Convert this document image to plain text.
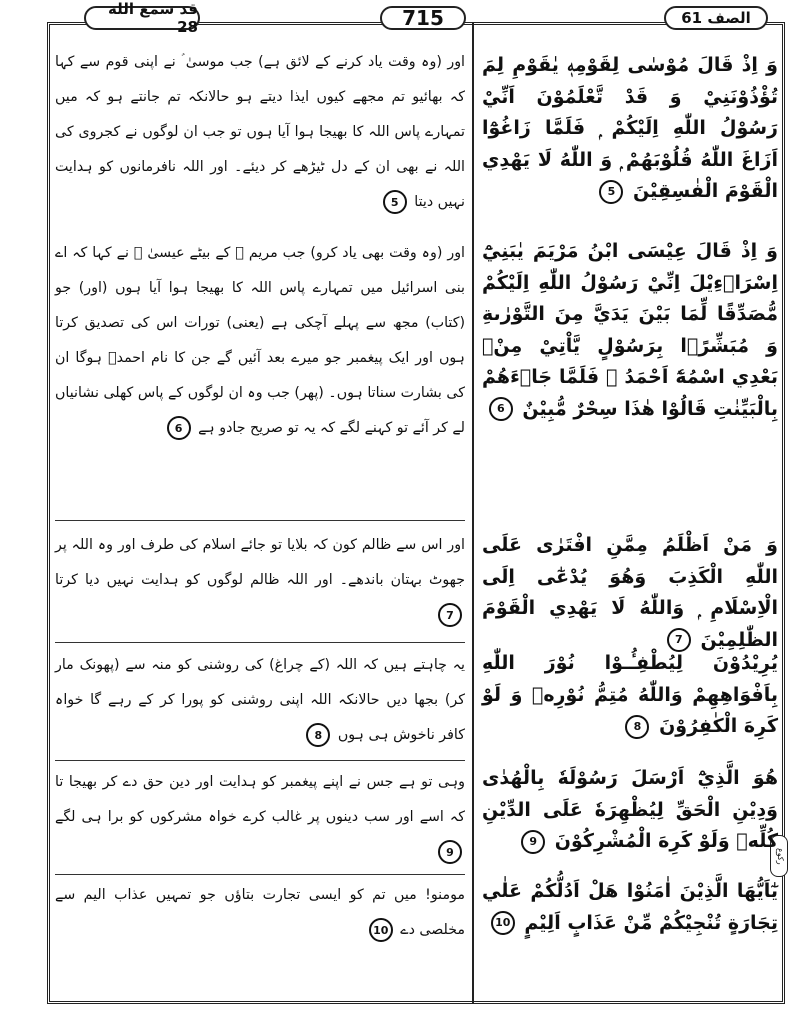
الصف 61
715
قد سمع الله 28
ركوع
وَ اِذْ قَالَ مُوْسٰى لِقَوْمِهٖ يٰقَوْمِ لِمَ تُؤْذُوْنَنِيْ وَ قَدْ تَّعْلَمُوْنَ اَنِّيْ رَسُوْلُ اللّٰهِ اِلَيْكُمْ ۭ فَلَمَّا زَاغُوْٓا اَزَاغَ اللّٰهُ قُلُوْبَهُمْ ۭ وَ اللّٰهُ لَا يَهْدِي الْقَوْمَ الْفٰسِقِيْنَ 5
اور (وہ وقت یاد کرنے کے لائق ہے) جب موسیٰ ؑ نے اپنی قوم سے کہا کہ بھائیو تم مجھے کیوں ایذا دیتے ہو حالانکہ تم جانتے ہو کہ میں تمہارے پاس اللہ کا بھیجا ہوا آیا ہوں تو جب ان لوگوں نے کجروی کی اللہ نے بھی ان کے دل ٹیڑھے کر دیئے۔ اور اللہ نافرمانوں کو ہدایت نہیں دیتا 5
وَ اِذْ قَالَ عِيْسَى ابْنُ مَرْيَمَ يٰبَنِيْٓ اِسْرَاۗءِيْلَ اِنِّيْ رَسُوْلُ اللّٰهِ اِلَيْكُمْ مُّصَدِّقًا لِّمَا بَيْنَ يَدَيَّ مِنَ التَّوْرٰىةِ وَ مُبَشِّرًۢا بِرَسُوْلٍ يَّاْتِيْ مِنْۢ بَعْدِي اسْمُهٗٓ اَحْمَدُ ۭ فَلَمَّا جَاۗءَهُمْ بِالْبَيِّنٰتِ قَالُوْا هٰذَا سِحْرٌ مُّبِيْنٌ 6
اور (وہ وقت بھی یاد کرو) جب مریم ؑ کے بیٹے عیسیٰ ؑ نے کہا کہ اے بنی اسرائیل میں تمہارے پاس اللہ کا بھیجا ہوا آیا ہوں (اور) جو (کتاب) مجھ سے پہلے آچکی ہے (یعنی) تورات اس کی تصدیق کرتا ہوں اور ایک پیغمبر جو میرے بعد آئیں گے جن کا نام احمدؐ ہوگا ان کی بشارت سناتا ہوں۔ (پھر) جب وہ ان لوگوں کے پاس کھلی نشانیاں لے کر آئے تو کہنے لگے کہ یہ تو صریح جادو ہے 6
وَ مَنْ اَظْلَمُ مِمَّنِ افْتَرٰى عَلَى اللّٰهِ الْكَذِبَ وَهُوَ يُدْعٰٓى اِلَى الْاِسْلَامِ ۭ وَاللّٰهُ لَا يَهْدِي الْقَوْمَ الظّٰلِمِيْنَ 7
اور اس سے ظالم کون کہ بلایا تو جائے اسلام کی طرف اور وہ اللہ پر جھوٹ بہتان باندھے۔ اور اللہ ظالم لوگوں کو ہدایت نہیں دیا کرتا 7
يُرِيْدُوْنَ لِيُطْفِـُٔـوْا نُوْرَ اللّٰهِ بِاَفْوَاهِهِمْ وَاللّٰهُ مُتِمُّ نُوْرِهٖ وَ لَوْ كَرِهَ الْكٰفِرُوْنَ 8
یہ چاہتے ہیں کہ اللہ (کے چراغ) کی روشنی کو منہ سے (پھونک مار کر) بجھا دیں حالانکہ اللہ اپنی روشنی کو پورا کر کے رہے گا خواہ کافر ناخوش ہی ہوں 8
هُوَ الَّذِيْٓ اَرْسَلَ رَسُوْلَهٗ بِالْهُدٰى وَدِيْنِ الْحَقِّ لِيُظْهِرَهٗ عَلَى الدِّيْنِ كُلِّهٖ وَلَوْ كَرِهَ الْمُشْرِكُوْنَ 9
وہی تو ہے جس نے اپنے پیغمبر کو ہدایت اور دین حق دے کر بھیجا تا کہ اسے اور سب دینوں پر غالب کرے خواہ مشرکوں کو برا ہی لگے 9
يٰٓاَيُّهَا الَّذِيْنَ اٰمَنُوْا هَلْ اَدُلُّكُمْ عَلٰي تِجَارَةٍ تُنْجِيْكُمْ مِّنْ عَذَابٍ اَلِيْمٍ 10
مومنو! میں تم کو ایسی تجارت بتاؤں جو تمہیں عذاب الیم سے مخلصی دے 10
